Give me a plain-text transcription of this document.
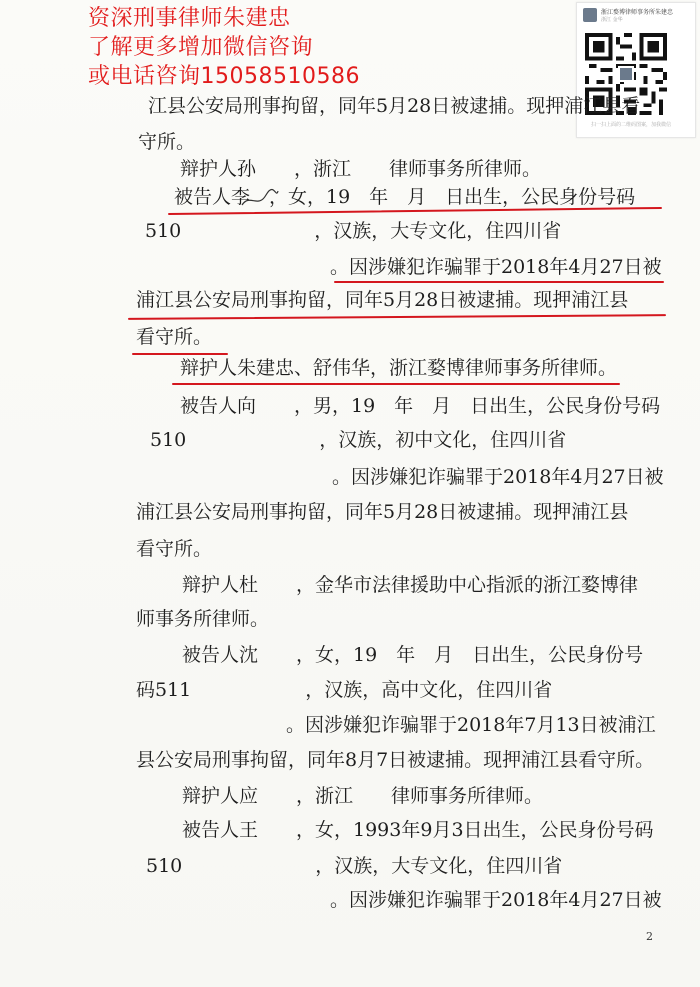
资深刑事律师朱建忠
了解更多增加微信咨询
或电话咨询15058510586
浙江婺博律师事务所朱建忠
浙江 金华
扫一扫上面的二维码图案，加我微信
江县公安局刑事拘留，同年5月28日被逮捕。现押浦江县看
守所。
辩护人孙　　，浙江　　律师事务所律师。
被告人李　，女，19　年　月　日出生，公民身份号码
510　　　　　　　，汉族，大专文化，住四川省
。因涉嫌犯诈骗罪于2018年4月27日被
浦江县公安局刑事拘留，同年5月28日被逮捕。现押浦江县
看守所。
辩护人朱建忠、舒伟华，浙江婺博律师事务所律师。
被告人向　　，男，19　年　月　日出生，公民身份号码
510　　　　　　　，汉族，初中文化，住四川省
。因涉嫌犯诈骗罪于2018年4月27日被
浦江县公安局刑事拘留，同年5月28日被逮捕。现押浦江县
看守所。
辩护人杜　　，金华市法律援助中心指派的浙江婺博律
师事务所律师。
被告人沈　　，女，19　年　月　日出生，公民身份号
码511　　　　　　，汉族，高中文化，住四川省
。因涉嫌犯诈骗罪于2018年7月13日被浦江
县公安局刑事拘留，同年8月7日被逮捕。现押浦江县看守所。
辩护人应　　，浙江　　律师事务所律师。
被告人王　　，女，1993年9月3日出生，公民身份号码
510　　　　　　　，汉族，大专文化，住四川省
。因涉嫌犯诈骗罪于2018年4月27日被
2
